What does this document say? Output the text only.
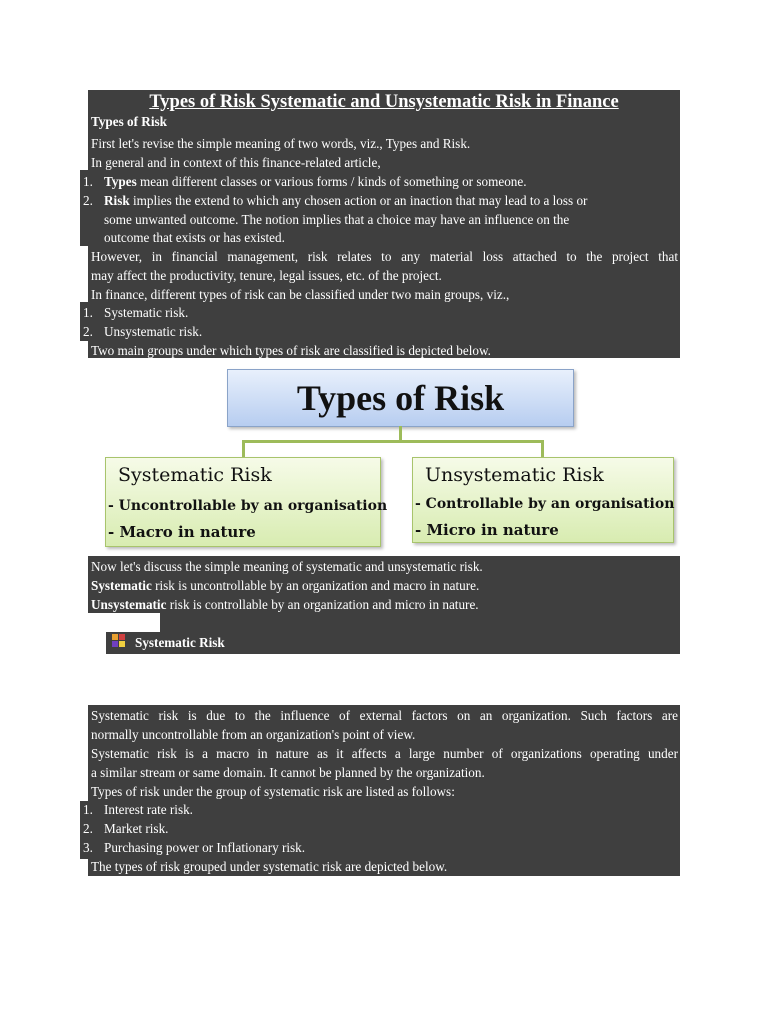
Types of Risk Systematic and Unsystematic Risk in Finance
Types of Risk
First let's revise the simple meaning of two words, viz., Types and Risk.
In general and in context of this finance-related article,
1. Types mean different classes or various forms / kinds of something or someone.
2. Risk implies the extend to which any chosen action or an inaction that may lead to a loss or
some unwanted outcome. The notion implies that a choice may have an influence on the
outcome that exists or has existed.
However, in financial management, risk relates to any material loss attached to the project that
may affect the productivity, tenure, legal issues, etc. of the project.
In finance, different types of risk can be classified under two main groups, viz.,
1. Systematic risk.
2. Unsystematic risk.
Two main groups under which types of risk are classified is depicted below.
Types of Risk
Systematic Risk
- Uncontrollable by an organisation
- Macro in nature
Unsystematic Risk
- Controllable by an organisation
- Micro in nature
Now let's discuss the simple meaning of systematic and unsystematic risk.
Systematic risk is uncontrollable by an organization and macro in nature.
Unsystematic risk is controllable by an organization and micro in nature.
Systematic Risk
Systematic risk is due to the influence of external factors on an organization. Such factors are
normally uncontrollable from an organization's point of view.
Systematic risk is a macro in nature as it affects a large number of organizations operating under
a similar stream or same domain. It cannot be planned by the organization.
Types of risk under the group of systematic risk are listed as follows:
1. Interest rate risk.
2. Market risk.
3. Purchasing power or Inflationary risk.
The types of risk grouped under systematic risk are depicted below.
